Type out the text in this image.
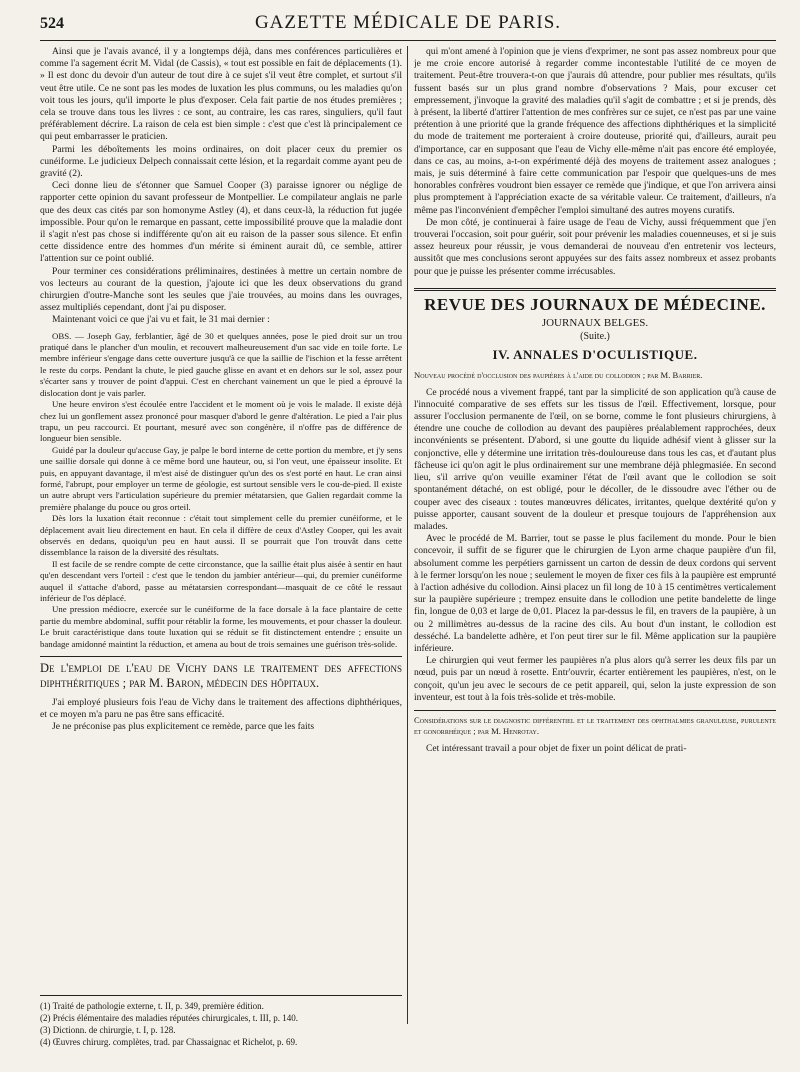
524	GAZETTE MÉDICALE DE PARIS.

Ainsi que je l'avais avancé, il y a longtemps déjà, dans mes conférences particulières et comme l'a sagement écrit M. Vidal (de Cassis), « tout est possible en fait de déplacements (1). » Il est donc du devoir d'un auteur de tout dire à ce sujet s'il veut être complet, et surtout s'il veut être utile. Ce ne sont pas les modes de luxation les plus communs, ou les maladies qu'on voit tous les jours, qu'il importe le plus d'exposer. Cela fait partie de nos études premières ; cela se trouve dans tous les livres : ce sont, au contraire, les cas rares, singuliers, qu'il faut préférablement décrire. La raison de cela est bien simple : c'est que c'est là principalement ce qui peut embarrasser le praticien.

Parmi les déboîtements les moins ordinaires, on doit placer ceux du premier os cunéiforme. Le judicieux Delpech connaissait cette lésion, et la regardait comme ayant peu de gravité (2).

Ceci donne lieu de s'étonner que Samuel Cooper (3) paraisse ignorer ou néglige de rapporter cette opinion du savant professeur de Montpellier. Le compilateur anglais ne parle que des deux cas cités par son homonyme Astley (4), et dans ceux-là, la réduction fut jugée impossible. Pour qu'on le remarque en passant, cette impossibilité prouve que la maladie dont il s'agit n'est pas chose si indifférente qu'on ait eu raison de la passer sous silence. Et enfin cette dissidence entre des hommes d'un mérite si éminent aurait dû, ce semble, attirer l'attention sur ce point oublié.

Pour terminer ces considérations préliminaires, destinées à mettre un certain nombre de vos lecteurs au courant de la question, j'ajoute ici que les deux observations du grand chirurgien d'outre-Manche sont les seules que j'aie trouvées, au moins dans les ouvrages, assez multipliés cependant, dont j'ai pu disposer.

Maintenant voici ce que j'ai vu et fait, le 31 mai dernier :

OBS. — Joseph Gay, ferblantier, âgé de 30 et quelques années, pose le pied droit sur un trou pratiqué dans le plancher d'un moulin, et recouvert malheureusement d'un sac vide en toile forte. Le membre inférieur s'engage dans cette ouverture jusqu'à ce que la saillie de l'ischion et la fesse arrêtent le reste du corps. Pendant la chute, le pied gauche glisse en avant et en dehors sur le sol, assez pour s'écarter sans y trouver de point d'appui. C'est en cherchant vainement un que le pied a éprouvé la dislocation dont je vais parler.

Une heure environ s'est écoulée entre l'accident et le moment où je vois le malade. Il existe déjà chez lui un gonflement assez prononcé pour masquer d'abord le genre d'altération. Le pied a l'air plus trapu, un peu raccourci. Et pourtant, mesuré avec son congénère, il n'offre pas de différence de longueur bien sensible.

Guidé par la douleur qu'accuse Gay, je palpe le bord interne de cette portion du membre, et j'y sens une saillie dorsale qui donne à ce même bord une hauteur, ou, si l'on veut, une épaisseur insolite. Et puis, en appuyant davantage, il m'est aisé de distinguer qu'un des os s'est porté en haut. Le cran ainsi formé, l'abrupt, pour employer un terme de géologie, est surtout sensible vers le cou-de-pied. Il existe un autre abrupt vers l'articulation supérieure du premier métatarsien, que Galien regardait comme la première phalange du pouce ou gros orteil.

Dès lors la luxation était reconnue : c'était tout simplement celle du premier cunéiforme, et le déplacement avait lieu directement en haut. En cela il diffère de ceux d'Astley Cooper, qui les avait observés en dedans, quoiqu'un peu en haut aussi. Il se pourrait que l'on trouvât dans cette dissemblance la raison de la diversité des résultats.

Il est facile de se rendre compte de cette circonstance, que la saillie était plus aisée à sentir en haut qu'en descendant vers l'orteil : c'est que le tendon du jambier antérieur—qui, du premier cunéiforme auquel il s'attache d'abord, passe au métatarsien correspondant—masquait de ce côté le ressaut inférieur de l'os déplacé.

Une pression médiocre, exercée sur le cunéiforme de la face dorsale à la face plantaire de cette partie du membre abdominal, suffit pour rétablir la forme, les mouvements, et pour chasser la douleur. Le bruit caractéristique dans toute luxation qui se réduit se fit distinctement entendre ; ensuite un bandage amidonné maintint la réduction, et amena au bout de trois semaines une guérison très-solide.

De l'emploi de l'eau de Vichy dans le traitement des affections diphthéritiques ; par M. Baron, médecin des hôpitaux.

J'ai employé plusieurs fois l'eau de Vichy dans le traitement des affections diphthériques, et ce moyen m'a paru ne pas être sans efficacité.

Je ne préconise pas plus explicitement ce remède, parce que les faits

qui m'ont amené à l'opinion que je viens d'exprimer, ne sont pas assez nombreux pour que je me croie encore autorisé à regarder comme incontestable l'utilité de ce moyen de traitement. Peut-être trouvera-t-on que j'aurais dû attendre, pour publier mes résultats, qu'ils fussent basés sur un plus grand nombre d'observations ? Mais, pour excuser cet empressement, j'invoque la gravité des maladies qu'il s'agit de combattre ; et si je prends, dès à présent, la liberté d'attirer l'attention de mes confrères sur ce sujet, ce n'est pas par une vaine prétention à une priorité que la grande fréquence des affections diphthériques et la simplicité du mode de traitement me porteraient à croire douteuse, priorité qui, d'ailleurs, aurait peu d'importance, car en supposant que l'eau de Vichy elle-même n'ait pas encore été employée, dans ce cas, au moins, a-t-on expérimenté déjà des moyens de traitement assez analogues ; mais, je suis déterminé à faire cette communication par l'espoir que quelques-uns de mes honorables confrères voudront bien essayer ce remède que j'indique, et que l'on arrivera ainsi plus promptement à l'appréciation exacte de sa véritable valeur. Ce traitement, d'ailleurs, n'a même pas l'inconvénient d'empêcher l'emploi simultané des autres moyens curatifs.

De mon côté, je continuerai à faire usage de l'eau de Vichy, aussi fréquemment que j'en trouverai l'occasion, soit pour guérir, soit pour prévenir les maladies couenneuses, et si je suis assez heureux pour réussir, je vous demanderai de nouveau d'en entretenir vos lecteurs, aussitôt que mes conclusions seront appuyées sur des faits assez nombreux et assez probants pour que je puisse les présenter comme irrécusables.

REVUE DES JOURNAUX DE MÉDECINE.

JOURNAUX BELGES.

(Suite.)

IV. ANNALES D'OCULISTIQUE.

Nouveau procédé d'occlusion des paupières à l'aide du collodion ; par M. Barrier.

Ce procédé nous a vivement frappé, tant par la simplicité de son application qu'à cause de l'innocuité comparative de ses effets sur les tissus de l'œil. Effectivement, lorsque, pour assurer l'occlusion permanente de l'œil, on se borne, comme le font plusieurs chirurgiens, à étendre une couche de collodion au devant des paupières préalablement rapprochées, deux inconvénients se présentent. D'abord, si une goutte du liquide adhésif vient à glisser sur la conjonctive, elle y détermine une irritation très-douloureuse dans tous les cas, et d'autant plus fâcheuse ici qu'on agit le plus ordinairement sur une membrane déjà phlegmasiée. En second lieu, s'il arrive qu'on veuille examiner l'état de l'œil avant que le collodion se soit spontanément détaché, on est obligé, pour le décoller, de le dissoudre avec l'éther ou de couper avec des ciseaux : toutes manœuvres délicates, irritantes, quelque dextérité qu'on y puisse apporter, causant souvent de la douleur et presque toujours de l'appréhension aux malades.

Avec le procédé de M. Barrier, tout se passe le plus facilement du monde. Pour le bien concevoir, il suffit de se figurer que le chirurgien de Lyon arme chaque paupière d'un fil, absolument comme les perpétiers garnissent un carton de dessin de deux cordons qui servent à le fermer lorsqu'on les noue ; seulement le moyen de fixer ces fils à la paupière est emprunté à l'action adhésive du collodion. Ainsi placez un fil long de 10 à 15 centimètres verticalement sur la paupière supérieure ; trempez ensuite dans le collodion une petite bandelette de linge fin, longue de 0,03 et large de 0,01. Placez la par-dessus le fil, en travers de la paupière, à un ou 2 millimètres au-dessus de la racine des cils. Au bout d'un instant, le collodion est desséché. La bandelette adhère, et l'on peut tirer sur le fil. Même application sur la paupière inférieure.

Le chirurgien qui veut fermer les paupières n'a plus alors qu'à serrer les deux fils par un nœud, puis par un nœud à rosette. Entr'ouvrir, écarter entièrement les paupières, n'est, on le conçoit, qu'un jeu avec le secours de ce petit appareil, qui, selon la juste expression de son inventeur, est tout à la fois très-solide et très-mobile.

Considérations sur le diagnostic différentiel et le traitement des ophthalmies granuleuse, purulente et gonorrhéique ; par M. Henrotay.

Cet intéressant travail a pour objet de fixer un point délicat de prati-

(1) Traité de pathologie externe, t. II, p. 349, première édition.
(2) Précis élémentaire des maladies réputées chirurgicales, t. III, p. 140.
(3) Dictionn. de chirurgie, t. I, p. 128.
(4) Œuvres chirurg. complètes, trad. par Chassaignac et Richelot, p. 69.
